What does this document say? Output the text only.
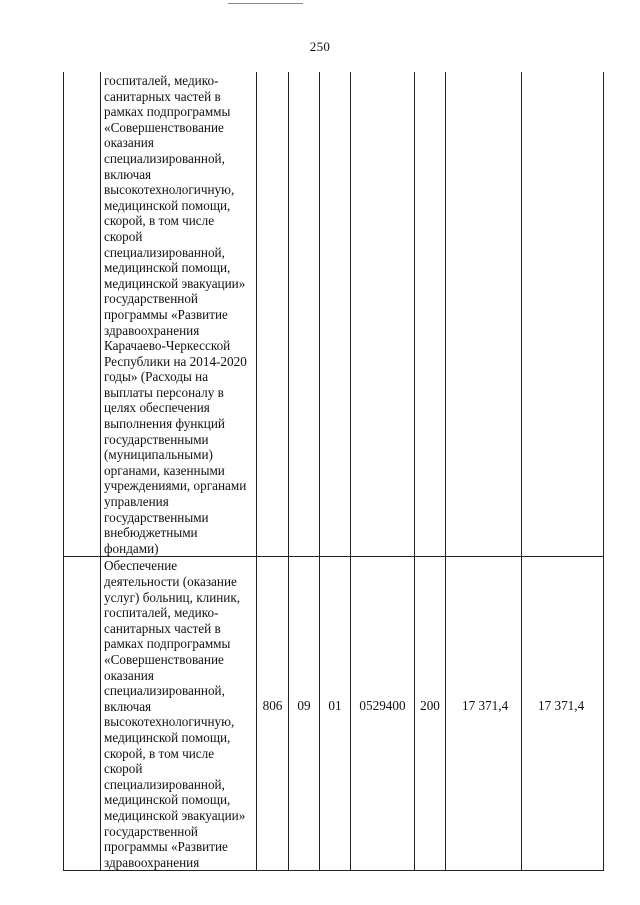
250

	госпиталей, медико-санитарных частей в рамках подпрограммы «Совершенствование оказания специализированной, включая высокотехнологичную, медицинской помощи, скорой, в том числе скорой специализированной, медицинской помощи, медицинской эвакуации» государственной программы «Развитие здравоохранения Карачаево-Черкесской Республики на 2014-2020 годы» (Расходы на выплаты персоналу в целях обеспечения выполнения функций государственными (муниципальными) органами, казенными учреждениями, органами управления государственными внебюджетными фондами)							

	Обеспечение деятельности (оказание услуг) больниц, клиник, госпиталей, медико-санитарных частей в рамках подпрограммы «Совершенствование оказания специализированной, включая высокотехнологичную, медицинской помощи, скорой, в том числе скорой специализированной, медицинской помощи, медицинской эвакуации» государственной программы «Развитие здравоохранения	806	09	01	0529400	200	17 371,4	17 371,4
